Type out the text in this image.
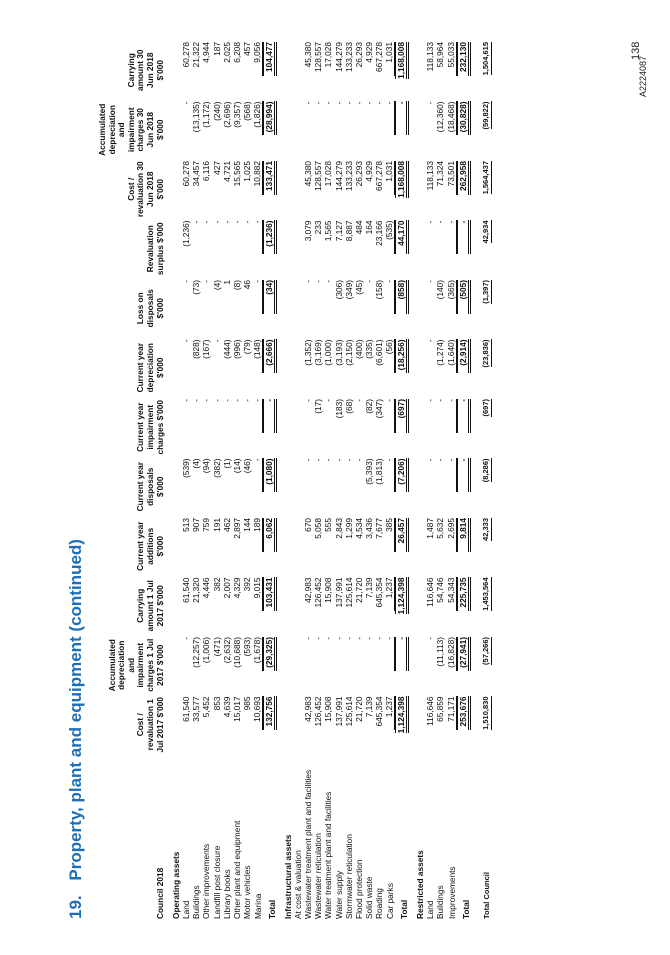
19. Property, plant and equipment (continued)
Council 2018	Cost / revaluation 1 Jul 2017 $'000	Accumulated depreciation and impairment charges 1 Jul 2017 $'000	Carrying amount 1 Jul 2017 $'000	Current year additions $'000	Current year disposals $'000	Current year impairment charges $'000	Current year depreciation $'000	Loss on disposals $'000	Revaluation surplus $'000	Cost / revaluation 30 Jun 2018 $'000	Accumulated depreciation and impairment charges 30 Jun 2018 $'000	Carrying amount 30 Jun 2018 $'000
Operating assets												
Land	61,540	-	61,540	513	(539)	-	-	-	(1,236)	60,278	-	60,278
Buildings	33,577	(12,257)	21,320	907	(4)	-	(828)	(73)	-	34,457	(13,135)	21,322
Other improvements	5,452	(1,006)	4,446	759	(94)	-	(167)	-	-	6,116	(1,172)	4,944
Landfill post closure	853	(471)	382	191	(382)	-	-	(4)	-	427	(240)	187
Library books	4,639	(2,632)	2,007	462	(1)	-	(444)	1	-	4,721	(2,696)	2,025
Other plant and equipment	15,017	(10,688)	4,329	2,897	(14)	-	(996)	(8)	-	15,565	(9,357)	6,208
Motor vehicles	985	(593)	392	144	(46)	-	(79)	46	-	1,025	(568)	457
Marina	10,693	(1,678)	9,015	189	-	-	(148)	-	-	10,882	(1,826)	9,056
Total	132,756	(29,325)	103,431	6,062	(1,080)	-	(2,666)	(34)	(1,236)	133,471	(28,994)	104,477
Infrastructural assets												
At cost & valuation												
Wastewater treatment plant and facilities	42,983	-	42,983	670	-	-	(1,352)	-	3,079	45,380	-	45,380
Wastewater reticulation	126,452	-	126,452	5,058	-	(17)	(3,169)	-	233	128,557	-	128,557
Water treatment plant and facilities	15,908	-	15,908	555	-	-	(1,000)	-	1,565	17,028	-	17,028
Water supply	137,991	-	137,991	2,843	-	(183)	(3,193)	(306)	7,127	144,279	-	144,279
Stormwater reticulation	125,614	-	125,614	1,299	-	(68)	(2,150)	(349)	8,887	133,233	-	133,233
Flood protection	21,720	-	21,720	4,534	-	-	(400)	(45)	484	26,293	-	26,293
Solid waste	7,139	-	7,139	3,436	(5,393)	(82)	(335)	-	164	4,929	-	4,929
Roading	645,354	-	645,354	7,677	(1,813)	(347)	(6,601)	(158)	23,166	667,278	-	667,278
Car parks	1,237	-	1,237	385	-	-	(56)	-	(535)	1,031	-	1,031
Total	1,124,398	-	1,124,398	26,457	(7,206)	(697)	(18,256)	(858)	44,170	1,168,008	-	1,168,008
Restricted assets												
Land	116,646	-	116,646	1,487	-	-	-	-	-	118,133	-	118,133
Buildings	65,859	(11,113)	54,746	5,632	-	-	(1,274)	(140)	-	71,324	(12,360)	58,964
Improvements	71,171	(16,828)	54,343	2,695	-	-	(1,640)	(365)	-	73,501	(18,468)	55,033
Total	253,676	(27,941)	225,735	9,814	-	-	(2,914)	(505)	-	262,958	(30,828)	232,130
Total Council	1,510,830	(57,266)	1,453,564	42,333	(8,286)	(697)	(23,836)	(1,397)	42,934	1,564,437	(59,822)	1,504,615	138
A2224087
